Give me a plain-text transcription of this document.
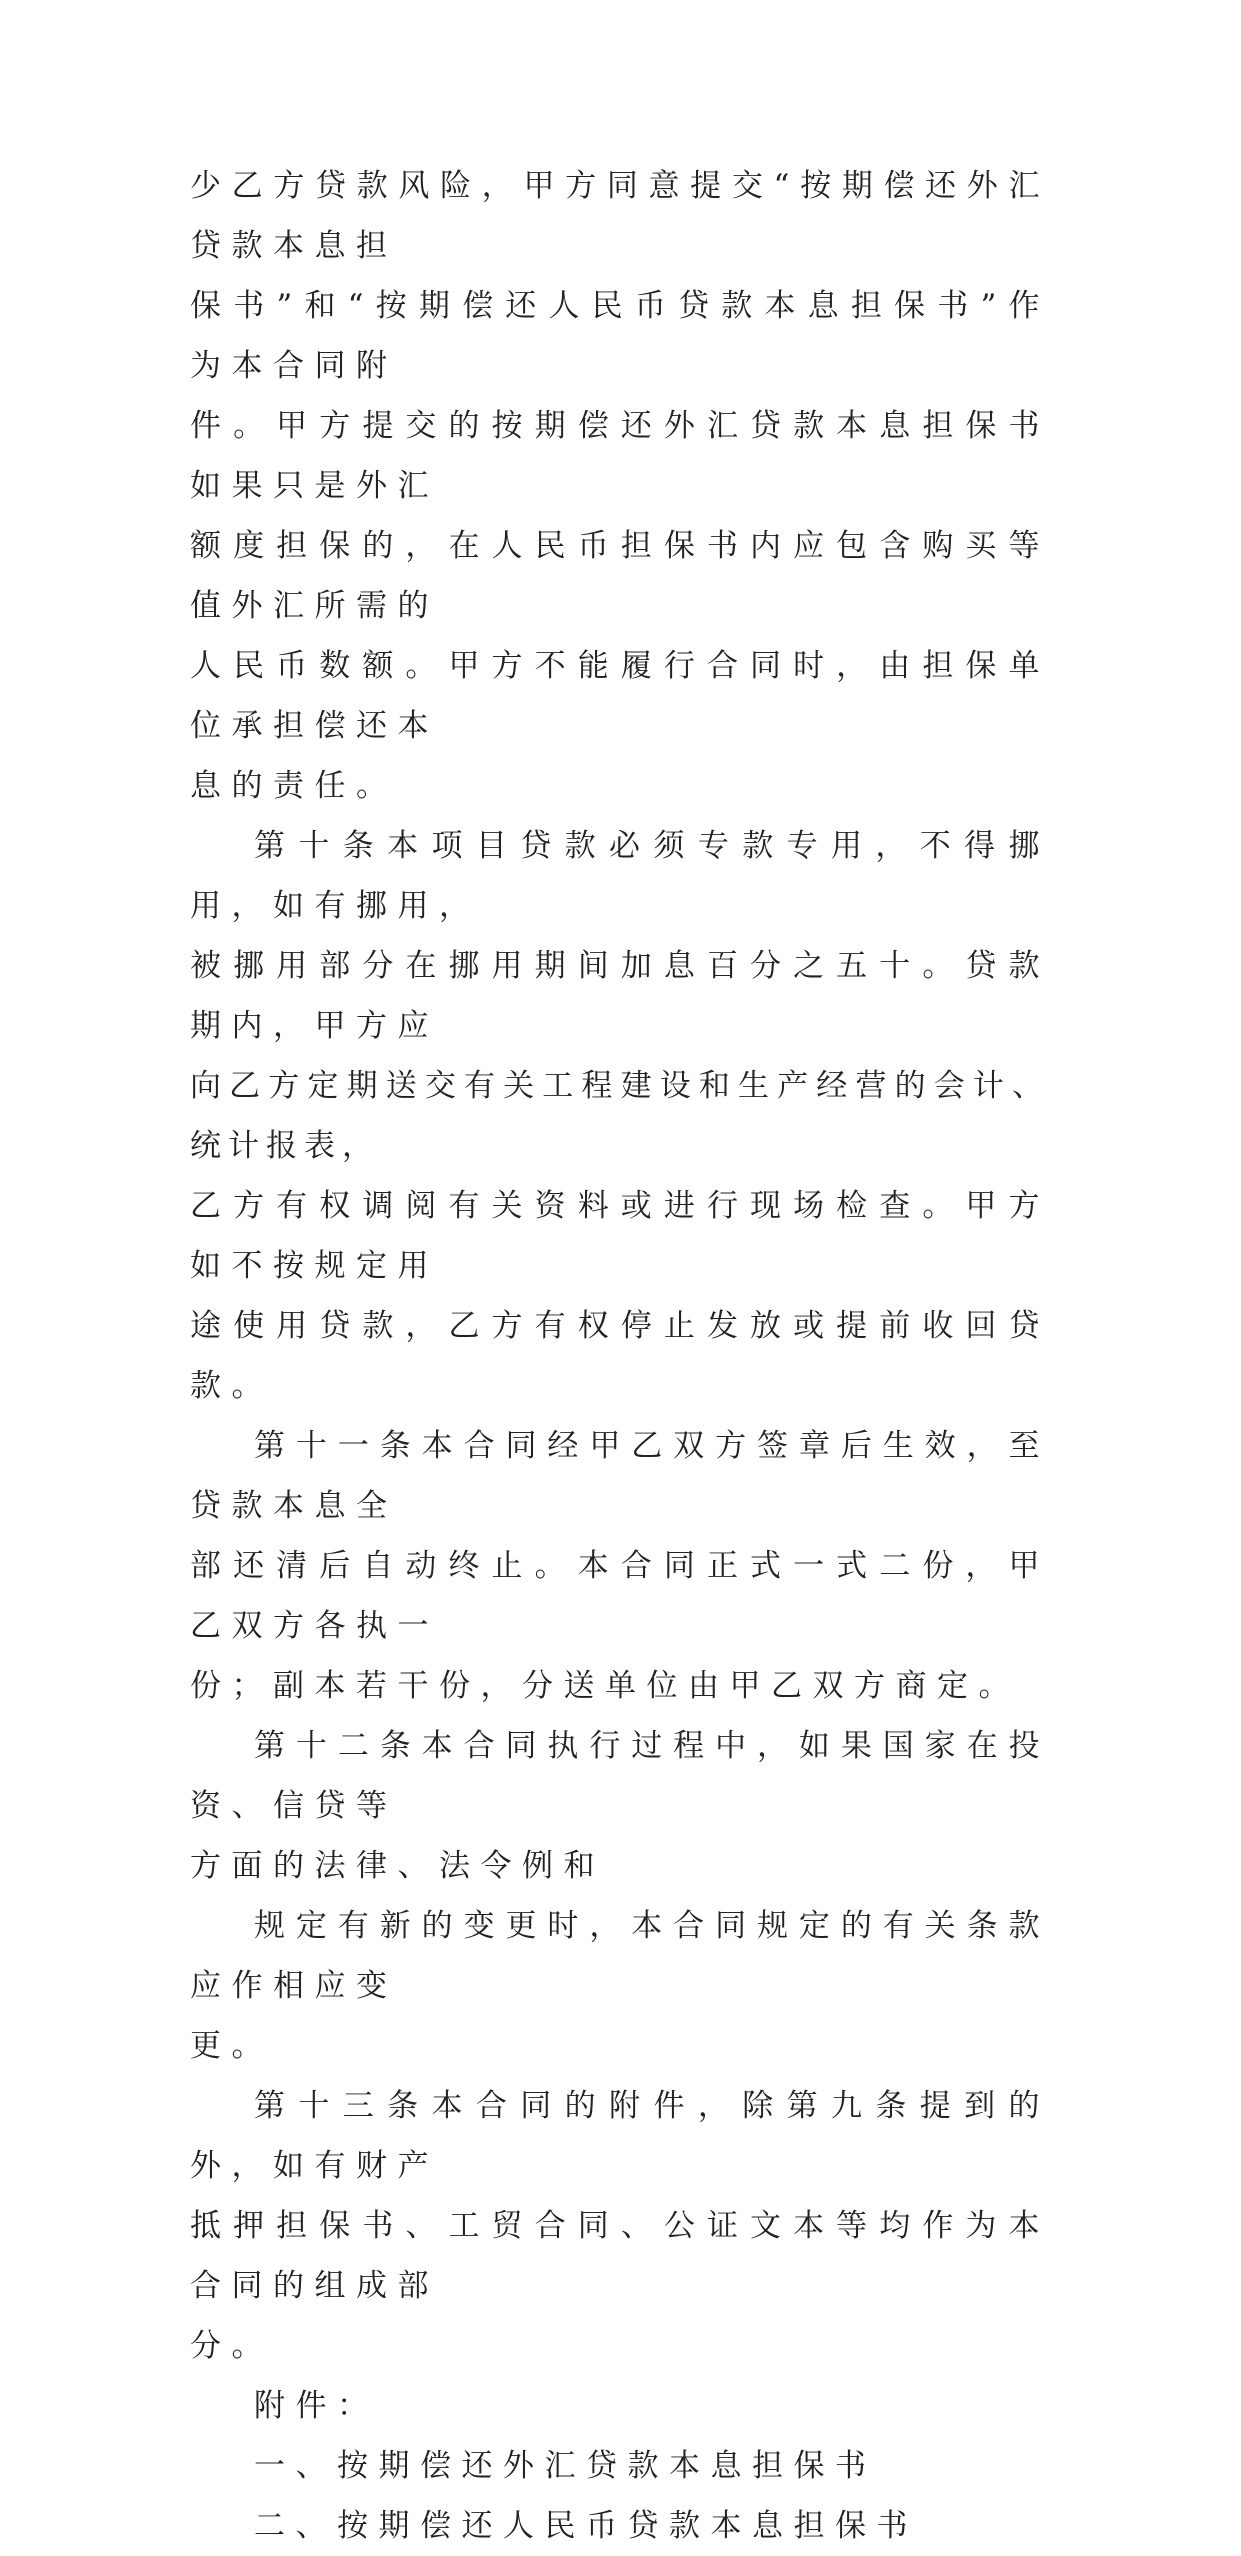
少乙方贷款风险，甲方同意提交“按期偿还外汇贷款本息担
保书”和“按期偿还人民币贷款本息担保书”作为本合同附
件。甲方提交的按期偿还外汇贷款本息担保书如果只是外汇
额度担保的，在人民币担保书内应包含购买等值外汇所需的
人民币数额。甲方不能履行合同时，由担保单位承担偿还本
息的责任。

第十条本项目贷款必须专款专用，不得挪用，如有挪用，
被挪用部分在挪用期间加息百分之五十。贷款期内，甲方应
向乙方定期送交有关工程建设和生产经营的会计、统计报表，
乙方有权调阅有关资料或进行现场检查。甲方如不按规定用
途使用贷款，乙方有权停止发放或提前收回贷款。

第十一条本合同经甲乙双方签章后生效，至贷款本息全
部还清后自动终止。本合同正式一式二份，甲乙双方各执一
份；副本若干份，分送单位由甲乙双方商定。

第十二条本合同执行过程中，如果国家在投资、信贷等
方面的法律、法令例和

规定有新的变更时，本合同规定的有关条款应作相应变
更。

第十三条本合同的附件，除第九条提到的外，如有财产
抵押担保书、工贸合同、公证文本等均作为本合同的组成部
分。

附件：

一、按期偿还外汇贷款本息担保书

二、按期偿还人民币贷款本息担保书
